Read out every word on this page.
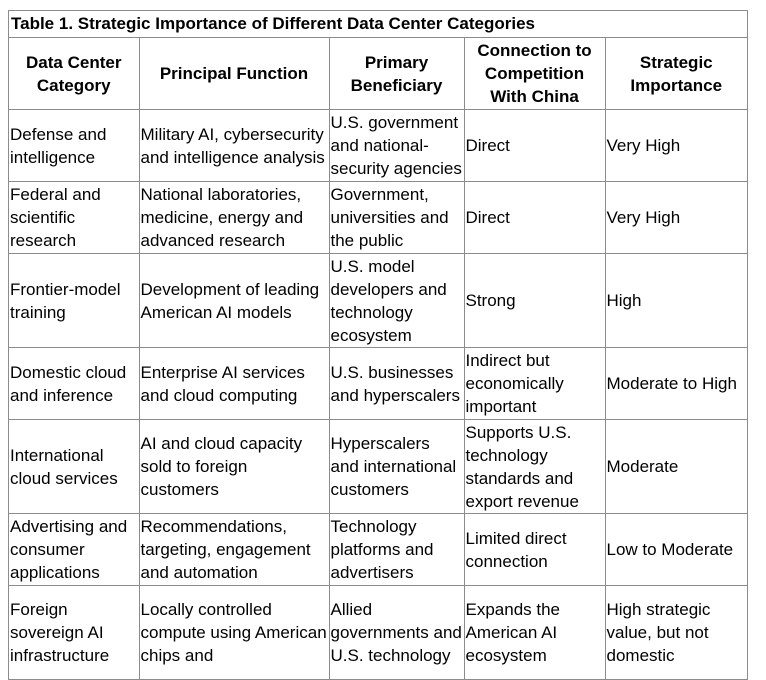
Table 1. Strategic Importance of Different Data Center Categories
Data Center Category	Principal Function	Primary Beneficiary	Connection to Competition With China	Strategic Importance
Defense and intelligence	Military AI, cybersecurity and intelligence analysis	U.S. government and national-security agencies	Direct	Very High
Federal and scientific research	National laboratories, medicine, energy and advanced research	Government, universities and the public	Direct	Very High
Frontier-model training	Development of leading American AI models	U.S. model developers and technology ecosystem	Strong	High
Domestic cloud and inference	Enterprise AI services and cloud computing	U.S. businesses and hyperscalers	Indirect but economically important	Moderate to High
International cloud services	AI and cloud capacity sold to foreign customers	Hyperscalers and international customers	Supports U.S. technology standards and export revenue	Moderate
Advertising and consumer applications	Recommendations, targeting, engagement and automation	Technology platforms and advertisers	Limited direct connection	Low to Moderate
Foreign sovereign AI infrastructure	Locally controlled compute using American chips and	Allied governments and U.S. technology	Expands the American AI ecosystem	High strategic value, but not domestic
